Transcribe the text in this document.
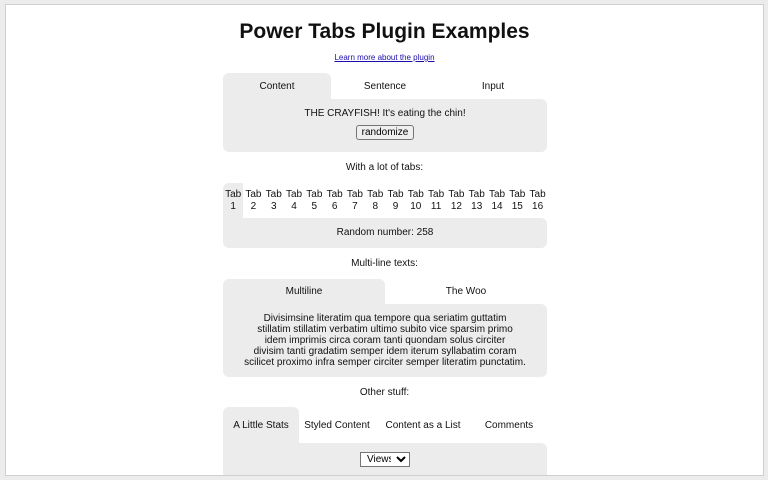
Power Tabs Plugin Examples
Learn more about the plugin
Content	Sentence	Input
THE CRAYFISH! It's eating the chin!
randomize
With a lot of tabs:
Tab
1
Tab
2
Tab
3
Tab
4
Tab
5
Tab
6
Tab
7
Tab
8
Tab
9
Tab
10
Tab
11
Tab
12
Tab
13
Tab
14
Tab
15
Tab
16
Random number: 258
Multi-line texts:
Multiline	The Woo
Divisimsine literatim qua tempore qua seriatim guttatim
stillatim stillatim verbatim ultimo subito vice sparsim primo
idem imprimis circa coram tanti quondam solus circiter
divisim tanti gradatim semper idem iterum syllabatim coram
scilicet proximo infra semper circiter semper literatim punctatim.
Other stuff:
A Little Stats	Styled Content	Content as a List	Comments
Views
